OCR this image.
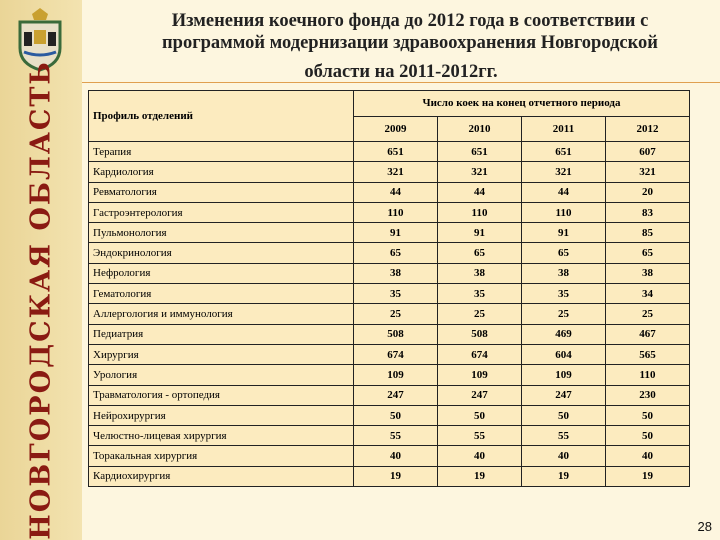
НОВГОРОДСКАЯ ОБЛАСТЬ
Изменения коечного фонда до 2012 года в соответствии с программой модернизации здравоохранения Новгородской
области на 2011-2012гг.
Профиль отделений	Число коек на конец отчетного периода			
	2009	2010	2011	2012
Терапия	651	651	651	607
Кардиология	321	321	321	321
Ревматология	44	44	44	20
Гастроэнтерология	110	110	110	83
Пульмонология	91	91	91	85
Эндокринология	65	65	65	65
Нефрология	38	38	38	38
Гематология	35	35	35	34
Аллергология и иммунология	25	25	25	25
Педиатрия	508	508	469	467
Хирургия	674	674	604	565
Урология	109	109	109	110
Травматология - ортопедия	247	247	247	230
Нейрохирургия	50	50	50	50
Челюстно-лицевая хирургия	55	55	55	50
Торакальная хирургия	40	40	40	40
Кардиохирургия	19	19	19	19
28
